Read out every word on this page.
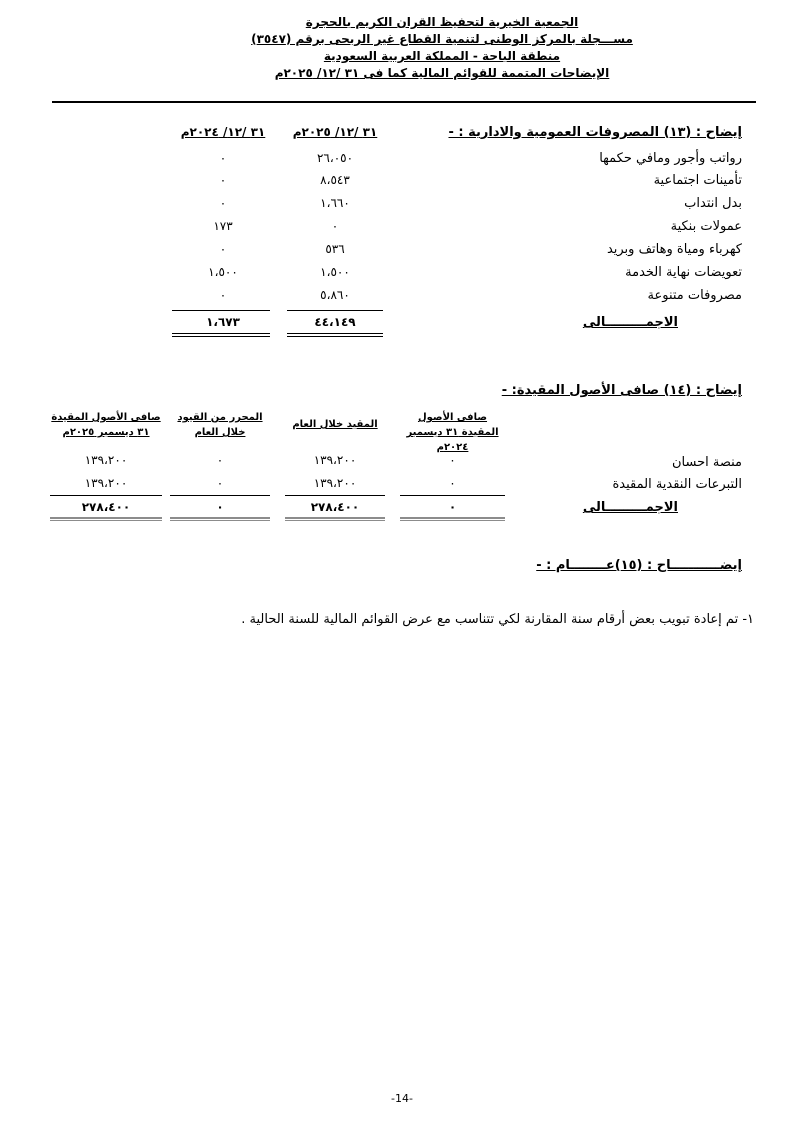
الجمعية الخيرية لتحفيظ القران الكريم بالحجرة
مســـجلة بالمركز الوطنى لتنمية القطاع غير الربحى برقم (٣٥٤٧)
منطقة الباحة - المملكة العربية السعودية
الإيضاحات المتممة للقوائم المالية كما فى ٣١ /١٢/ ٢٠٢٥م
إيضاح : (١٣) المصروفات العمومية والادارية : -
٣١ /١٢/ ٢٠٢٥م
٣١ /١٢/ ٢٠٢٤م
رواتب وأجور ومافي حكمها
٢٦،٠٥٠
٠
تأمينات اجتماعية
٨،٥٤٣
٠
بدل انتداب
١،٦٦٠
٠
عمولات بنكية
٠
١٧٣
كهرباء ومياة وهاتف وبريد
٥٣٦
٠
تعويضات نهاية الخدمة
١،٥٠٠
١،٥٠٠
مصروفات متنوعة
٥،٨٦٠
٠
الاجمـــــــــالى
٤٤،١٤٩
١،٦٧٣
إيضاح : (١٤) صافى الأصول المقيدة: -
صافى الأصول المقيدة ٣١ ديسمبر ٢٠٢٤م
المقيد خلال العام
المحرر من القيود خلال العام
صافى الأصول المقيدة ٣١ ديسمبر ٢٠٢٥م
منصة احسان
٠
١٣٩،٢٠٠
٠
١٣٩،٢٠٠
التبرعات النقدية المقيدة
٠
١٣٩،٢٠٠
٠
١٣٩،٢٠٠
الاجمـــــــــالى
٠
٢٧٨،٤٠٠
٠
٢٧٨،٤٠٠
إيضـــــــــــاح : (١٥)عــــــــام : -
١- تم إعادة تبويب بعض أرقام سنة المقارنة لكي تتناسب مع عرض القوائم المالية للسنة الحالية .
-14-
